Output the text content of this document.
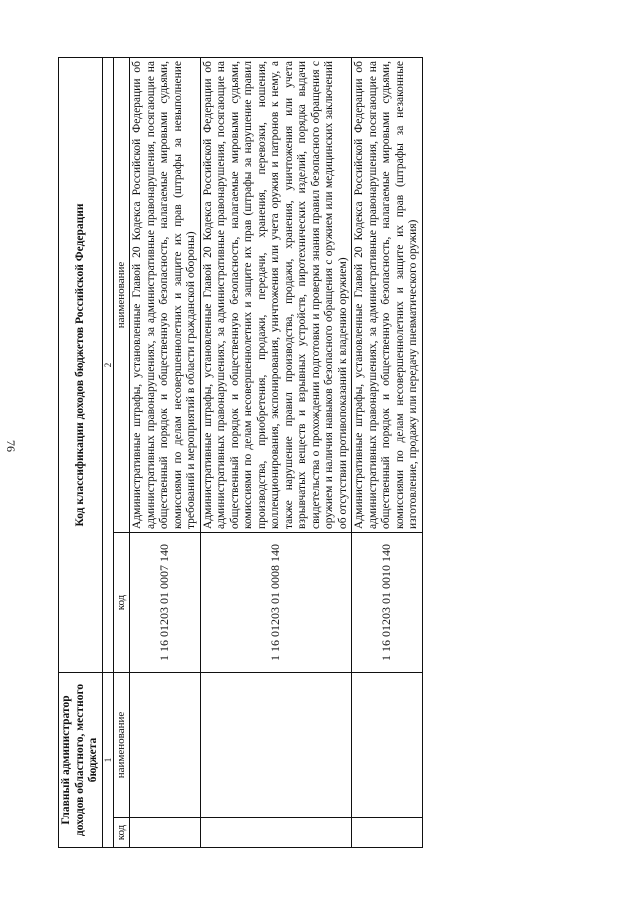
76
Главный администратор доходов областного, местного бюджета		Код классификации доходов бюджетов Российской Федерации	
1		2	
код	наименование	код	наименование
		1 16 01203 01 0007 140	Административные штрафы, установленные Главой 20 Кодекса Российской Федерации об административных правонарушениях, за административные правонарушения, посягающие на общественный порядок и общественную безопасность, налагаемые мировыми судьями, комиссиями по делам несовершеннолетних и защите их прав (штрафы за невыполнение требований и мероприятий в области гражданской обороны)
		1 16 01203 01 0008 140	Административные штрафы, установленные Главой 20 Кодекса Российской Федерации об административных правонарушениях, за административные правонарушения, посягающие на общественный порядок и общественную безопасность, налагаемые мировыми судьями, комиссиями по делам несовершеннолетних и защите их прав (штрафы за нарушение правил производства, приобретения, продажи, передачи, хранения, перевозки, ношения, коллекционирования, экспонирования, уничтожения или учета оружия и патронов к нему, а также нарушение правил производства, продажи, хранения, уничтожения или учета взрывчатых веществ и взрывных устройств, пиротехнических изделий, порядка выдачи свидетельства о прохождении подготовки и проверки знания правил безопасного обращения с оружием и наличия навыков безопасного обращения с оружием или медицинских заключений об отсутствии противопоказаний к владению оружием)
		1 16 01203 01 0010 140	Административные штрафы, установленные Главой 20 Кодекса Российской Федерации об административных правонарушениях, за административные правонарушения, посягающие на общественный порядок и общественную безопасность, налагаемые мировыми судьями, комиссиями по делам несовершеннолетних и защите их прав (штрафы за незаконные изготовление, продажу или передачу пневматического оружия)
